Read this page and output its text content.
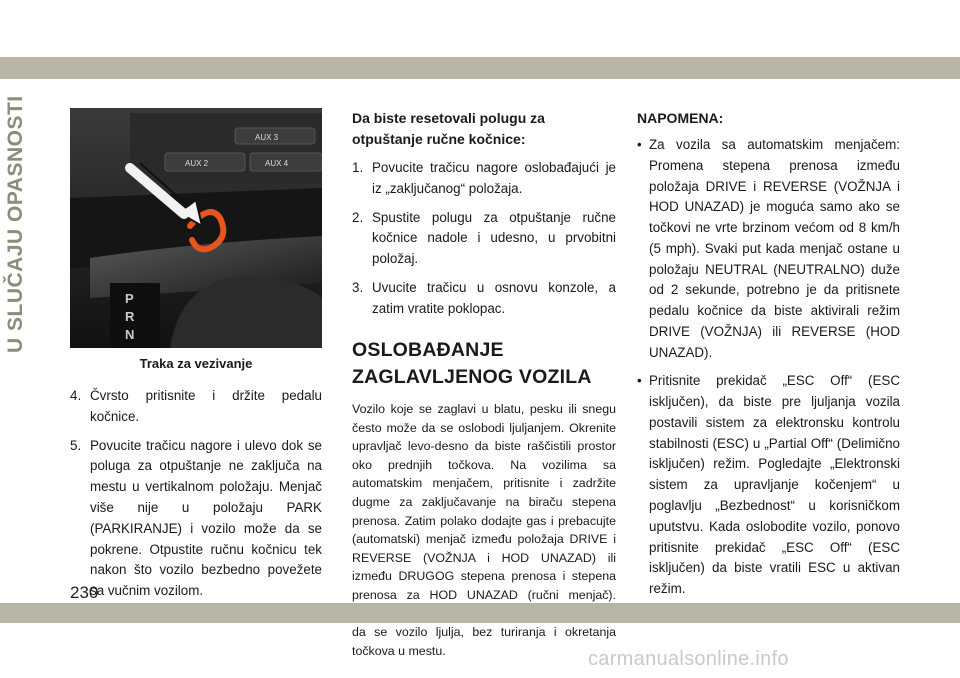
U SLUČAJU OPASNOSTI	AUX 3
AUX 2	AUX 4
P
R
N
Traka za vezivanje
4. Čvrsto pritisnite i držite pedalu kočnice.
5. Povucite tračicu nagore i ulevo dok se poluga za otpuštanje ne zaključa na mestu u vertikalnom položaju. Menjač više nije u položaju PARK (PARKIRANJE) i vozilo može da se pokrene. Otpustite ručnu kočnicu tek nakon što vozilo bezbedno povežete sa vučnim vozilom.

Da biste resetovali polugu za otpuštanje ručne kočnice:

1. Povucite tračicu nagore oslobađajući je iz „zaključanog“ položaja.
2. Spustite polugu za otpuštanje ručne kočnice nadole i udesno, u prvobitni položaj.
3. Uvucite tračicu u osnovu konzole, a zatim vratite poklopac.
OSLOBAĐANJE
ZAGLAVLJENOG VOZILA

Vozilo koje se zaglavi u blatu, pesku ili snegu često može da se oslobodi ljuljanjem. Okrenite upravljač levo-desno da biste raščistili prostor oko prednjih točkova. Na vozilima sa automatskim menjačem, pritisnite i zadržite dugme za zaključavanje na biraču stepena prenosa. Zatim polako dodajte gas i prebacujte (automatski) menjač između položaja DRIVE i REVERSE (VOŽNJA i HOD UNAZAD) ili između DRUGOG stepena prenosa i stepena prenosa za HOD UNAZAD (ručni menjač). da se vozilo ljulja, bez turiranja i okretanja točkova u mestu.

NAPOMENA:

• Za vozila sa automatskim menjačem: Promena stepena prenosa između položaja DRIVE i REVERSE (VOŽNJA i HOD UNAZAD) je moguća samo ako se točkovi ne vrte brzinom većom od 8 km/h (5 mph). Svaki put kada menjač ostane u položaju NEUTRAL (NEUTRALNO) duže od 2 sekunde, potrebno je da pritisnete pedalu kočnice da biste aktivirali režim DRIVE (VOŽNJA) ili REVERSE (HOD UNAZAD).
• Pritisnite prekidač „ESC Off“ (ESC isključen), da biste pre ljuljanja vozila postavili sistem za elektronsku kontrolu stabilnosti (ESC) u „Partial Off“ (Delimično isključen) režim. Pogledajte „Elektronski sistem za upravljanje kočenjem“ u poglavlju „Bezbednost“ u korisničkom uputstvu. Kada oslobodite vozilo, ponovo pritisnite prekidač „ESC Off“ (ESC isključen) da biste vratili ESC u aktivan režim.
230
carmanualsonline.info
